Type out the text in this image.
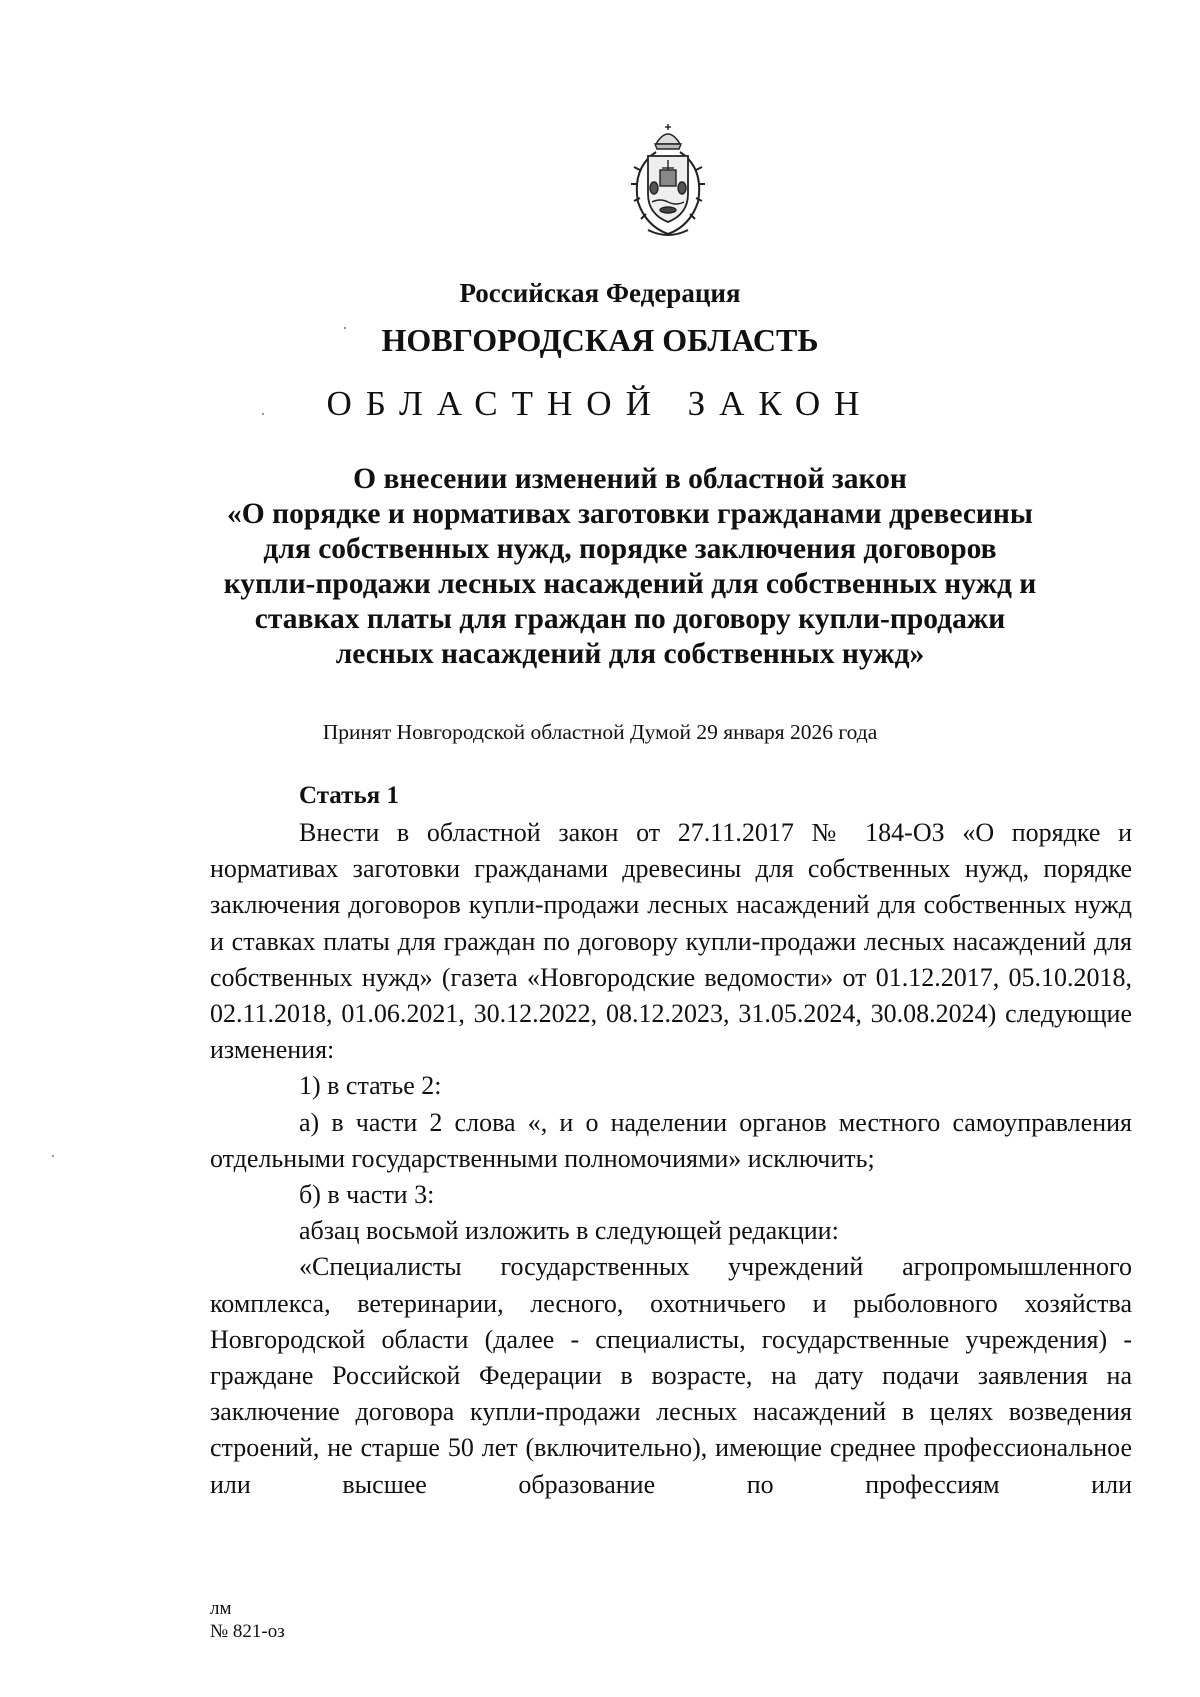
Российская Федерация
НОВГОРОДСКАЯ ОБЛАСТЬ
ОБЛАСТНОЙ ЗАКОН
О внесении изменений в областной закон
«О порядке и нормативах заготовки гражданами древесины
для собственных нужд, порядке заключения договоров
купли-продажи лесных насаждений для собственных нужд и
ставках платы для граждан по договору купли-продажи
лесных насаждений для собственных нужд»
Принят Новгородской областной Думой 29 января 2026 года
Статья 1

Внести в областной закон от 27.11.2017 № 184-ОЗ «О порядке и нормативах заготовки гражданами древесины для собственных нужд, порядке заключения договоров купли-продажи лесных насаждений для собственных нужд и ставках платы для граждан по договору купли-продажи лесных насаждений для собственных нужд» (газета «Новгородские ведомости» от 01.12.2017, 05.10.2018, 02.11.2018, 01.06.2021, 30.12.2022, 08.12.2023, 31.05.2024, 30.08.2024) следующие изменения:

1) в статье 2:

а) в части 2 слова «, и о наделении органов местного самоуправления отдельными государственными полномочиями» исключить;

б) в части 3:

абзац восьмой изложить в следующей редакции:

«Специалисты государственных учреждений агропромышленного комплекса, ветеринарии, лесного, охотничьего и рыболовного хозяйства Новгородской области (далее - специалисты, государственные учреждения) - граждане Российской Федерации в возрасте, на дату подачи заявления на заключение договора купли-продажи лесных насаждений в целях возведения строений, не старше 50 лет (включительно), имеющие среднее профессиональное или высшее образование по профессиям или

лм
№ 821-оз
